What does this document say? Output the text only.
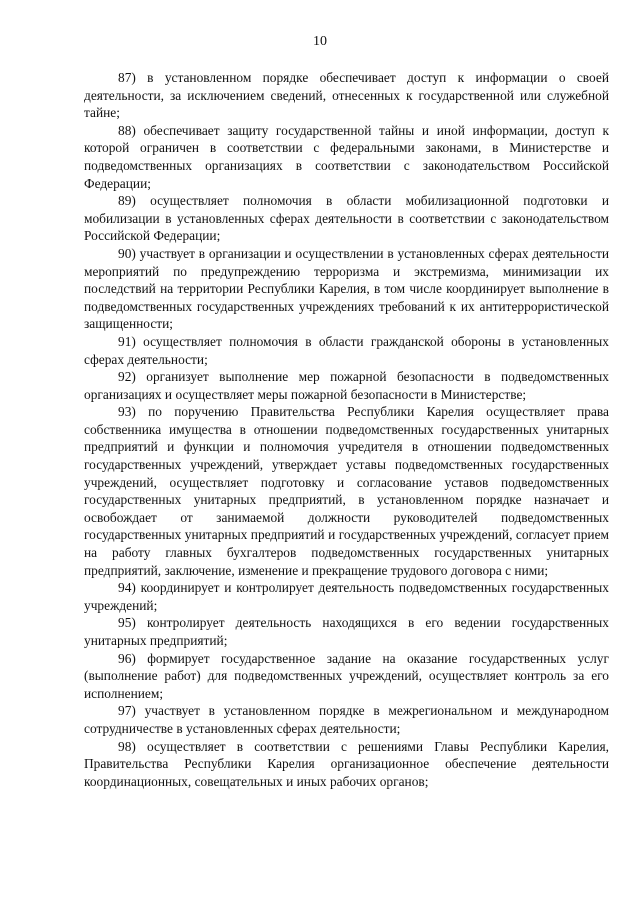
10

87) в установленном порядке обеспечивает доступ к информации о своей деятельности, за исключением сведений, отнесенных к государственной или служебной тайне;

88) обеспечивает защиту государственной тайны и иной информации, доступ к которой ограничен в соответствии с федеральными законами, в Министерстве и подведомственных организациях в соответствии с законодательством Российской Федерации;

89) осуществляет полномочия в области мобилизационной подготовки и мобилизации в установленных сферах деятельности в соответствии с законодательством Российской Федерации;

90) участвует в организации и осуществлении в установленных сферах деятельности мероприятий по предупреждению терроризма и экстремизма, минимизации их последствий на территории Республики Карелия, в том числе координирует выполнение в подведомственных государственных учреждениях требований к их антитеррористической защищенности;

91) осуществляет полномочия в области гражданской обороны в установленных сферах деятельности;

92) организует выполнение мер пожарной безопасности в подведомственных организациях и осуществляет меры пожарной безопасности в Министерстве;

93) по поручению Правительства Республики Карелия осуществляет права собственника имущества в отношении подведомственных государственных унитарных предприятий и функции и полномочия учредителя в отношении подведомственных государственных учреждений, утверждает уставы подведомственных государственных учреждений, осуществляет подготовку и согласование уставов подведомственных государственных унитарных предприятий, в установленном порядке назначает и освобождает от занимаемой должности руководителей подведомственных государственных унитарных предприятий и государственных учреждений, согласует прием на работу главных бухгалтеров подведомственных государственных унитарных предприятий, заключение, изменение и прекращение трудового договора с ними;

94) координирует и контролирует деятельность подведомственных государственных учреждений;

95) контролирует деятельность находящихся в его ведении государственных унитарных предприятий;

96) формирует государственное задание на оказание государственных услуг (выполнение работ) для подведомственных учреждений, осуществляет контроль за его исполнением;

97) участвует в установленном порядке в межрегиональном и международном сотрудничестве в установленных сферах деятельности;

98) осуществляет в соответствии с решениями Главы Республики Карелия, Правительства Республики Карелия организационное обеспечение деятельности координационных, совещательных и иных рабочих органов;
